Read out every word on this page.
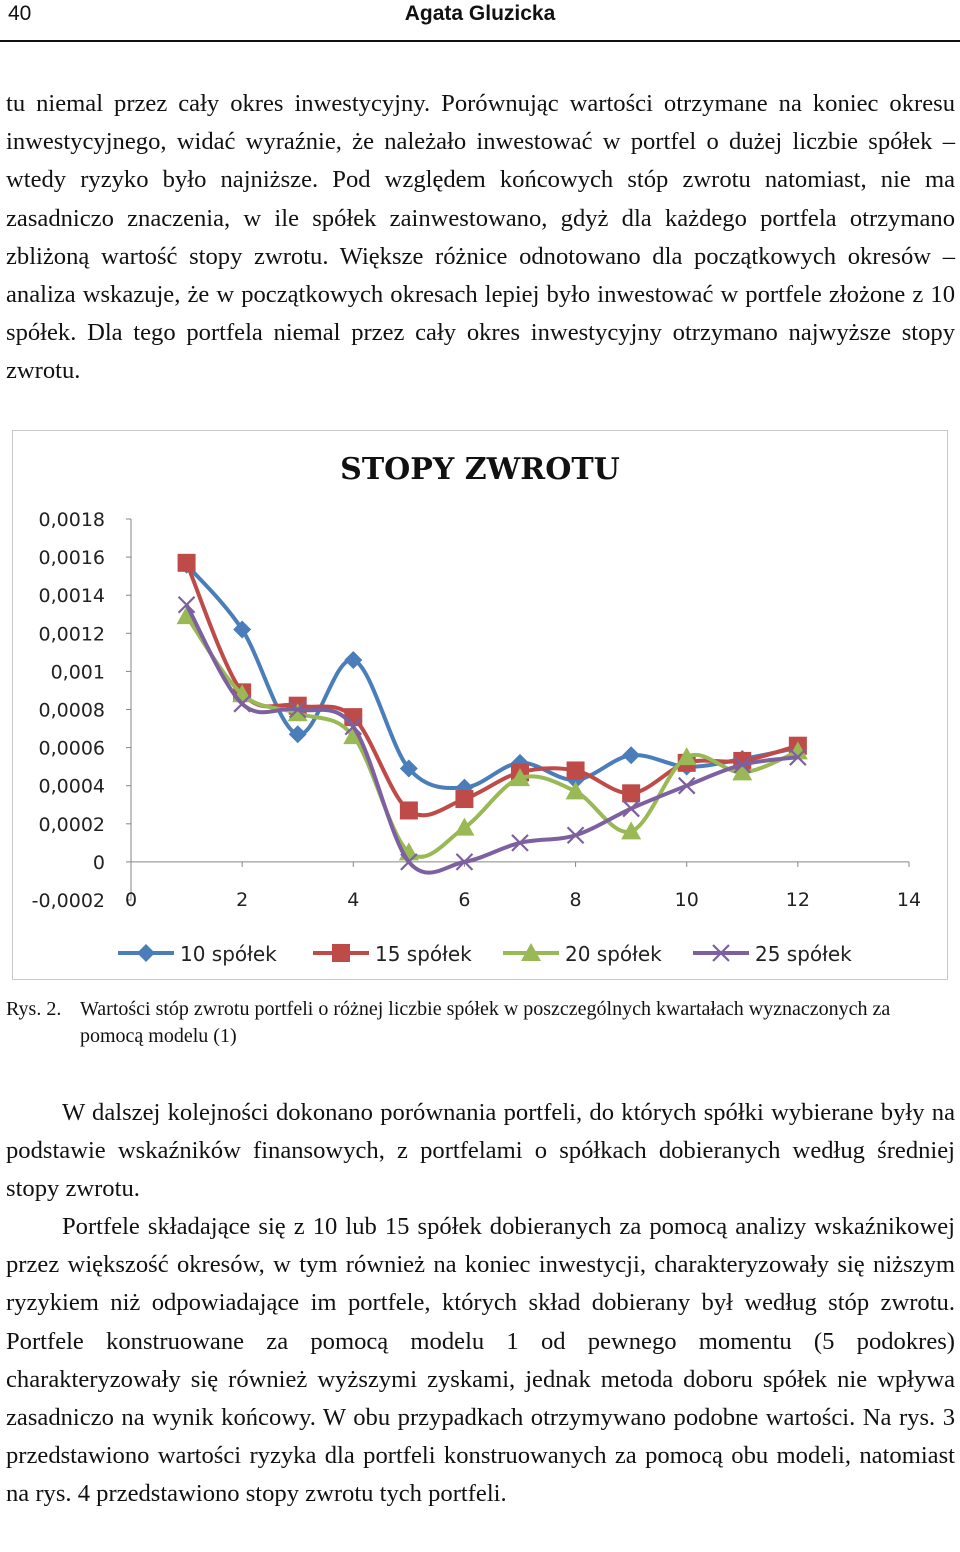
40	Agata Gluzicka

tu niemal przez cały okres inwestycyjny. Porównując wartości otrzymane na koniec okresu inwestycyjnego, widać wyraźnie, że należało inwestować w portfel o dużej liczbie spółek – wtedy ryzyko było najniższe. Pod względem końcowych stóp zwrotu natomiast, nie ma zasadniczo znaczenia, w ile spółek zainwestowano, gdyż dla każdego portfela otrzymano zbliżoną wartość stopy zwrotu. Większe różnice odnotowano dla początkowych okresów – analiza wskazuje, że w początkowych okresach lepiej było inwestować w portfele złożone z 10 spółek. Dla tego portfela niemal przez cały okres inwestycyjny otrzymano najwyższe stopy zwrotu.

STOPY ZWROTU
0,0018
0,0016
0,0014
0,0012
0,001
0,0008
0,0006
0,0004
0,0002
0
-0,0002 0	2	4	6	8	10	12	14
10 spółek	15 spółek	20 spółek	25 spółek
Rys. 2. Wartości stóp zwrotu portfeli o różnej liczbie spółek w poszczególnych kwartałach wyznaczonych za pomocą modelu (1)

W dalszej kolejności dokonano porównania portfeli, do których spółki wybierane były na podstawie wskaźników finansowych, z portfelami o spółkach dobieranych według średniej stopy zwrotu.

Portfele składające się z 10 lub 15 spółek dobieranych za pomocą analizy wskaźnikowej przez większość okresów, w tym również na koniec inwestycji, charakteryzowały się niższym ryzykiem niż odpowiadające im portfele, których skład dobierany był według stóp zwrotu. Portfele konstruowane za pomocą modelu 1 od pewnego momentu (5 podokres) charakteryzowały się również wyższymi zyskami, jednak metoda doboru spółek nie wpływa zasadniczo na wynik końcowy. W obu przypadkach otrzymywano podobne wartości. Na rys. 3 przedstawiono wartości ryzyka dla portfeli konstruowanych za pomocą obu modeli, natomiast na rys. 4 przedstawiono stopy zwrotu tych portfeli.
